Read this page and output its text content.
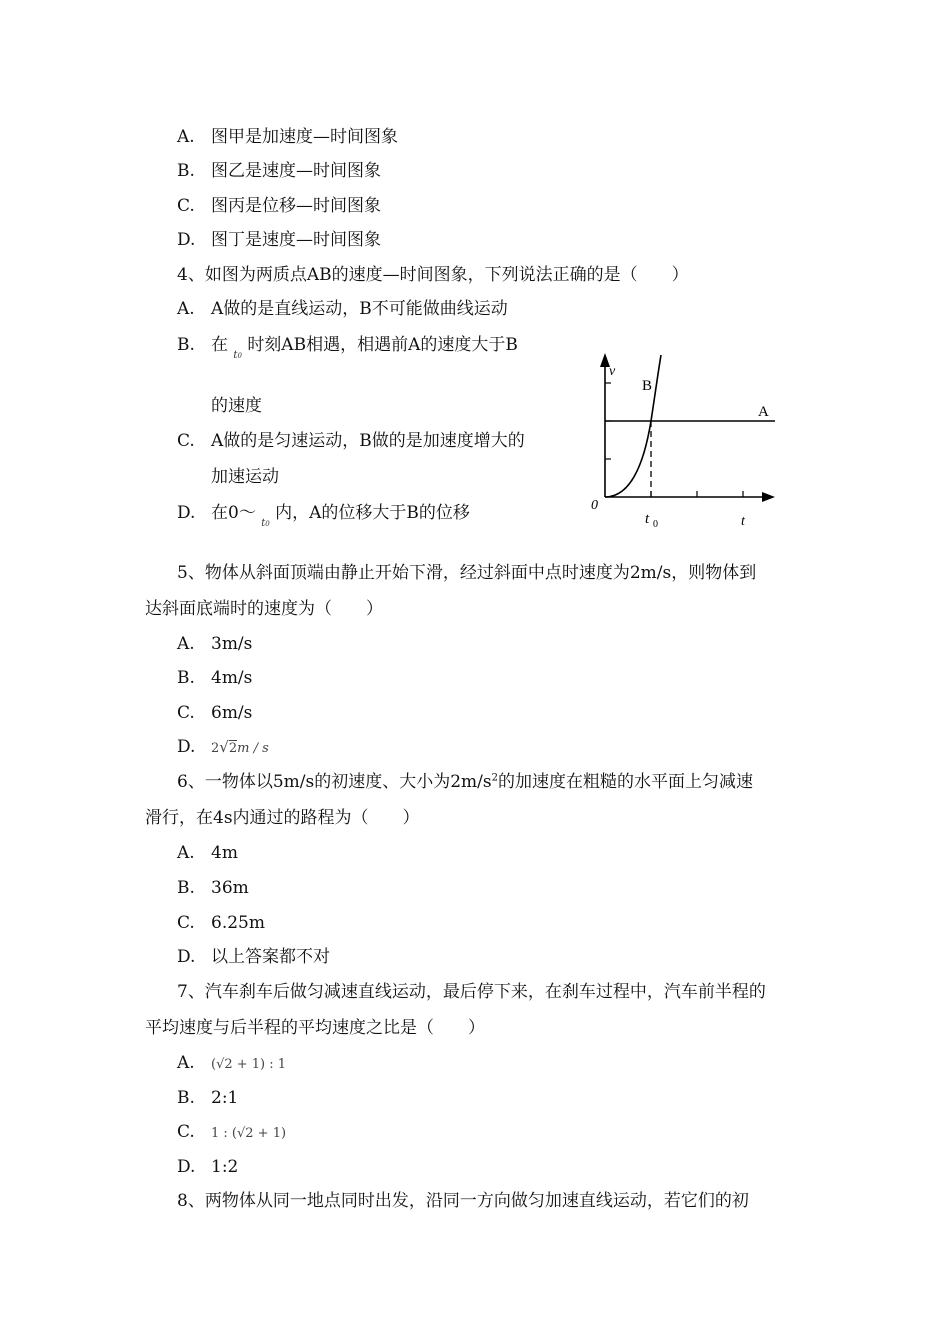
A. 图甲是加速度—时间图象
B. 图乙是速度—时间图象
C. 图丙是位移—时间图象
D. 图丁是速度—时间图象
4、如图为两质点AB的速度—时间图象，下列说法正确的是（　　）
A. A做的是直线运动，B不可能做曲线运动
B. 在 $_{t0}$ 时刻AB相遇，相遇前A的速度大于B
的速度
C. A做的是匀速运动，B做的是加速度增大的
加速运动
D. 在0～ $_{t0}$ 内，A的位移大于B的位移
v
t
0
t 0
A
B
5、物体从斜面顶端由静止开始下滑，经过斜面中点时速度为2m/s，则物体到
达斜面底端时的速度为（　　）
A. 3m/s
B. 4m/s
C. 6m/s
D. 2√2m / s
6、一物体以5m/s的初速度、大小为$2m/s^2$的加速度在粗糙的水平面上匀减速
滑行，在4s内通过的路程为（　　）
A. 4m
B. 36m
C. 6.25m
D. 以上答案都不对
7、汽车刹车后做匀减速直线运动，最后停下来，在刹车过程中，汽车前半程的
平均速度与后半程的平均速度之比是（　　）
A. (√2 + 1) : 1
B. 2:1
C. 1 : (√2 + 1)
D. 1:2
8、两物体从同一地点同时出发，沿同一方向做匀加速直线运动，若它们的初
